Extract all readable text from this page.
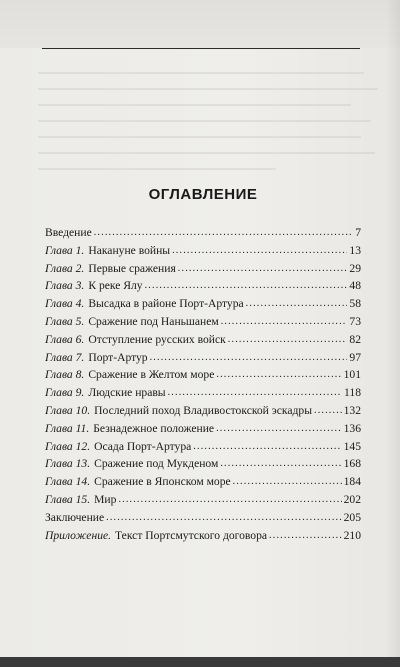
ОГЛАВЛЕНИЕ
Введение .....	7
Глава 1. Накануне войны .....	13
Глава 2. Первые сражения .....	29
Глава 3. К реке Ялу .....	48
Глава 4. Высадка в районе Порт-Артура .....	58
Глава 5. Сражение под Наньшанем .....	73
Глава 6. Отступление русских войск .....	82
Глава 7. Порт-Артур .....	97
Глава 8. Сражение в Желтом море .....	101
Глава 9. Людские нравы .....	118
Глава 10. Последний поход Владивостокской эскадры .....	132
Глава 11. Безнадежное положение .....	136
Глава 12. Осада Порт-Артура .....	145
Глава 13. Сражение под Мукденом .....	168
Глава 14. Сражение в Японском море .....	184
Глава 15. Мир .....	202
Заключение .....	205
Приложение. Текст Портсмутского договора .....	210
